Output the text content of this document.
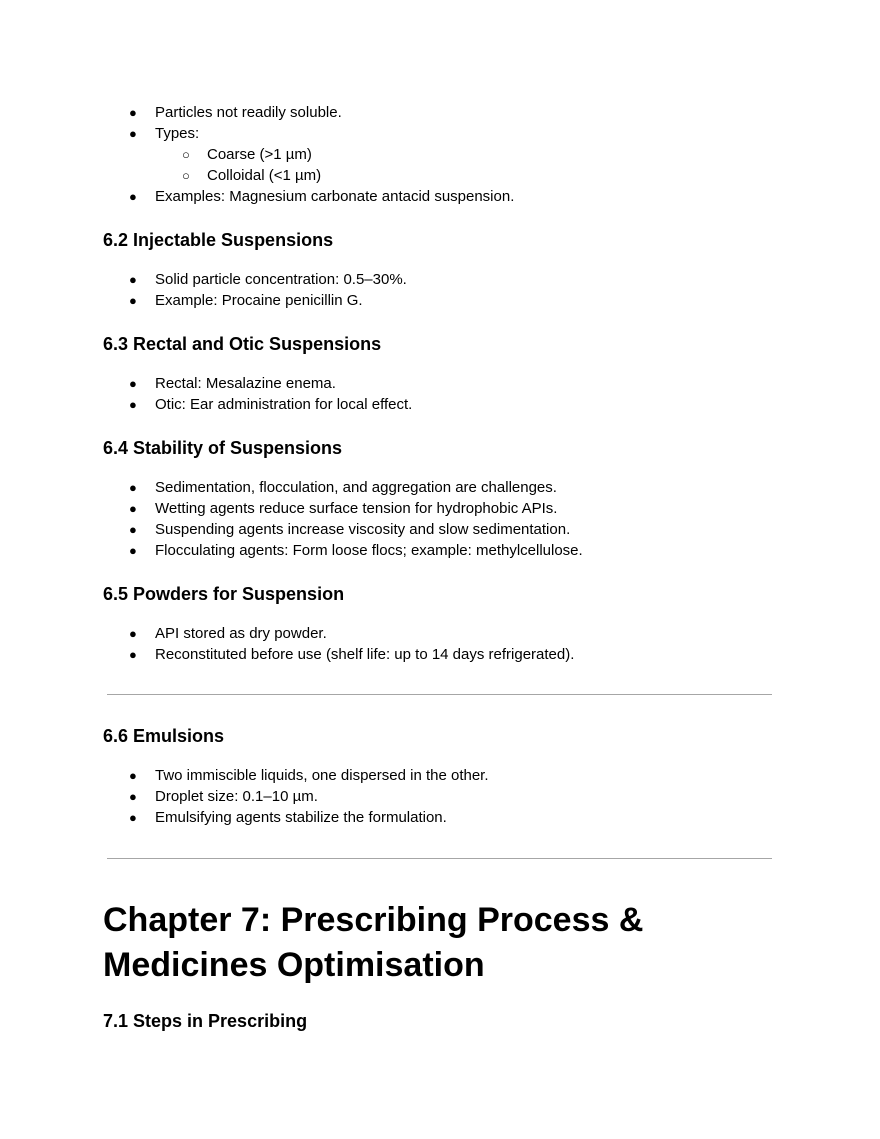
● Particles not readily soluble.
● Types:
○ Coarse (>1 µm)
○ Colloidal (<1 µm)
● Examples: Magnesium carbonate antacid suspension.
6.2 Injectable Suspensions
● Solid particle concentration: 0.5–30%.
● Example: Procaine penicillin G.
6.3 Rectal and Otic Suspensions
● Rectal: Mesalazine enema.
● Otic: Ear administration for local effect.
6.4 Stability of Suspensions
● Sedimentation, flocculation, and aggregation are challenges.
● Wetting agents reduce surface tension for hydrophobic APIs.
● Suspending agents increase viscosity and slow sedimentation.
● Flocculating agents: Form loose flocs; example: methylcellulose.
6.5 Powders for Suspension
● API stored as dry powder.
● Reconstituted before use (shelf life: up to 14 days refrigerated).
6.6 Emulsions
● Two immiscible liquids, one dispersed in the other.
● Droplet size: 0.1–10 µm.
● Emulsifying agents stabilize the formulation.
Chapter 7: Prescribing Process &
Medicines Optimisation
7.1 Steps in Prescribing
